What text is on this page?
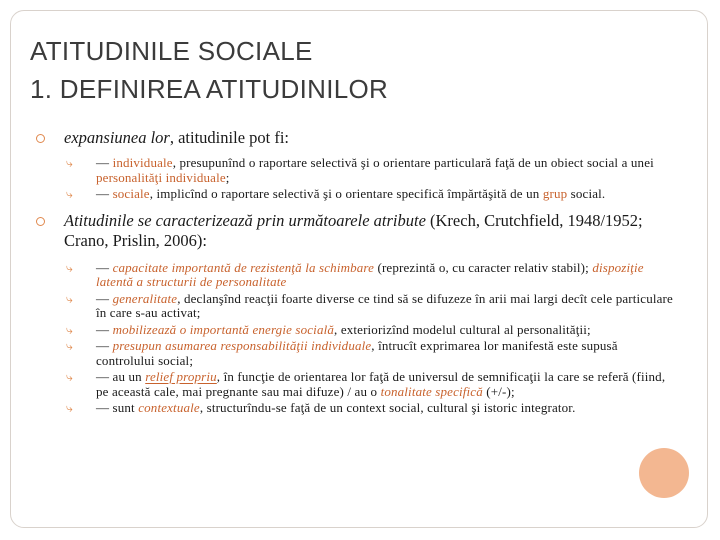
ATITUDINILE SOCIALE
1. DEFINIREA ATITUDINILOR
expansiunea lor, atitudinile pot fi:
⤷ — individuale, presupunînd o raportare selectivă şi o orientare particulară faţă de un obiect social a unei personalităţi individuale;
⤷ — sociale, implicînd o raportare selectivă şi o orientare specifică împărtăşită de un grup social.
Atitudinile se caracterizează prin următoarele atribute (Krech, Crutchfield, 1948/1952; Crano, Prislin, 2006):
⤷ — capacitate importantă de rezistenţă la schimbare (reprezintă o, cu caracter relativ stabil); dispoziţie latentă a structurii de personalitate
⤷ — generalitate, declanşînd reacţii foarte diverse ce tind să se difuzeze în arii mai largi decît cele particulare în care s-au activat;
⤷ — mobilizează o importantă energie socială, exteriorizînd modelul cultural al personalităţii;
⤷ — presupun asumarea responsabilităţii individuale, întrucît exprimarea lor manifestă este supusă controlului social;
⤷ — au un relief propriu, în funcţie de orientarea lor faţă de universul de semnificaţii la care se referă (fiind, pe această cale, mai pregnante sau mai difuze) / au o tonalitate specifică (+/-);
⤷ — sunt contextuale, structurîndu-se faţă de un context social, cultural şi istoric integrator.
